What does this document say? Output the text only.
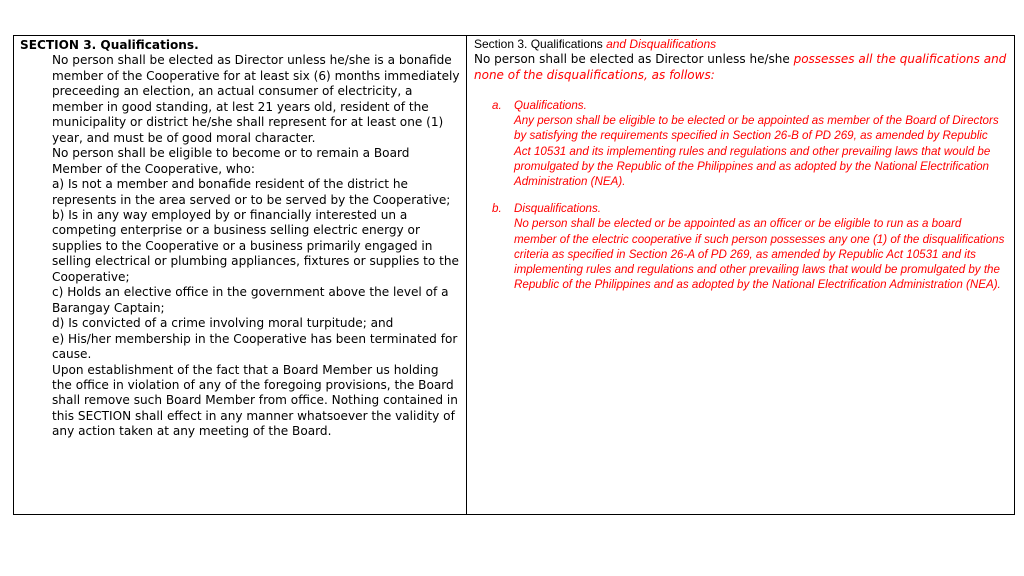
SECTION 3. Qualifications.
No person shall be elected as Director unless he/she is a bonafide member of the Cooperative for at least six (6) months immediately preceeding an election, an actual consumer of electricity, a member in good standing, at lest 21 years old, resident of the municipality or district he/she shall represent for at least one (1) year, and must be of good moral character.
No person shall be eligible to become or to remain a Board Member of the Cooperative, who:
a) Is not a member and bonafide resident of the district he represents in the area served or to be served by the Cooperative;
b) Is in any way employed by or financially interested un a competing enterprise or a business selling electric energy or supplies to the Cooperative or a business primarily engaged in selling electrical or plumbing appliances, fixtures or supplies to the Cooperative;
c) Holds an elective office in the government above the level of a Barangay Captain;
d) Is convicted of a crime involving moral turpitude; and
e) His/her membership in the Cooperative has been terminated for cause.
Upon establishment of the fact that a Board Member us holding the office in violation of any of the foregoing provisions, the Board shall remove such Board Member from office. Nothing contained in this SECTION shall effect in any manner whatsoever the validity of any action taken at any meeting of the Board.
Section 3. Qualifications and Disqualifications
No person shall be elected as Director unless he/she possesses all the qualifications and none of the disqualifications, as follows:
a.	Qualifications.
Any person shall be eligible to be elected or be appointed as member of the Board of Directors by satisfying the requirements specified in Section 26-B of PD 269, as amended by Republic Act 10531 and its implementing rules and regulations and other prevailing laws that would be promulgated by the Republic of the Philippines and as adopted by the National Electrification Administration (NEA).
b.	Disqualifications.
No person shall be elected or be appointed as an officer or be eligible to run as a board member of the electric cooperative if such person possesses any one (1) of the disqualifications criteria as specified in Section 26-A of PD 269, as amended by Republic Act 10531 and its implementing rules and regulations and other prevailing laws that would be promulgated by the Republic of the Philippines and as adopted by the National Electrification Administration (NEA).
